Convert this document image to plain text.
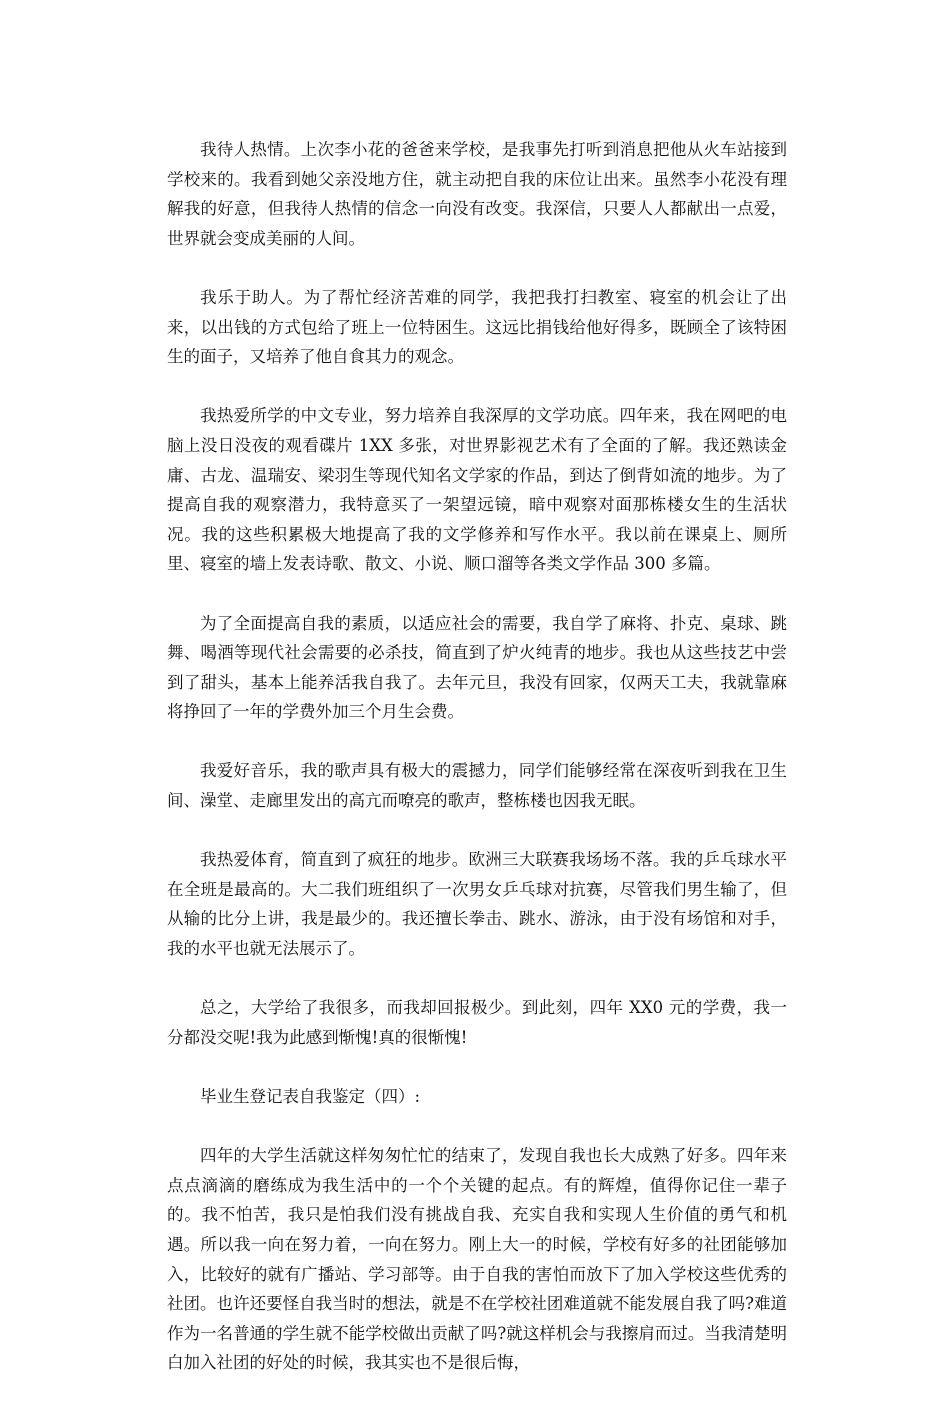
我待人热情。上次李小花的爸爸来学校，是我事先打听到消息把他从火车站接到学校来的。我看到她父亲没地方住，就主动把自我的床位让出来。虽然李小花没有理解我的好意，但我待人热情的信念一向没有改变。我深信，只要人人都献出一点爱，世界就会变成美丽的人间。

我乐于助人。为了帮忙经济苦难的同学，我把我打扫教室、寝室的机会让了出来，以出钱的方式包给了班上一位特困生。这远比捐钱给他好得多，既顾全了该特困生的面子，又培养了他自食其力的观念。

我热爱所学的中文专业，努力培养自我深厚的文学功底。四年来，我在网吧的电脑上没日没夜的观看碟片 1XX 多张，对世界影视艺术有了全面的了解。我还熟读金庸、古龙、温瑞安、梁羽生等现代知名文学家的作品，到达了倒背如流的地步。为了提高自我的观察潜力，我特意买了一架望远镜，暗中观察对面那栋楼女生的生活状况。我的这些积累极大地提高了我的文学修养和写作水平。我以前在课桌上、厕所里、寝室的墙上发表诗歌、散文、小说、顺口溜等各类文学作品 300 多篇。

为了全面提高自我的素质，以适应社会的需要，我自学了麻将、扑克、桌球、跳舞、喝酒等现代社会需要的必杀技，简直到了炉火纯青的地步。我也从这些技艺中尝到了甜头，基本上能养活我自我了。去年元旦，我没有回家，仅两天工夫，我就靠麻将挣回了一年的学费外加三个月生会费。

我爱好音乐，我的歌声具有极大的震撼力，同学们能够经常在深夜听到我在卫生间、澡堂、走廊里发出的高亢而嘹亮的歌声，整栋楼也因我无眠。

我热爱体育，简直到了疯狂的地步。欧洲三大联赛我场场不落。我的乒乓球水平在全班是最高的。大二我们班组织了一次男女乒乓球对抗赛，尽管我们男生输了，但从输的比分上讲，我是最少的。我还擅长拳击、跳水、游泳，由于没有场馆和对手，我的水平也就无法展示了。

总之，大学给了我很多，而我却回报极少。到此刻，四年 XX0 元的学费，我一分都没交呢!我为此感到惭愧!真的很惭愧!

毕业生登记表自我鉴定（四）:

四年的大学生活就这样匆匆忙忙的结束了，发现自我也长大成熟了好多。四年来点点滴滴的磨练成为我生活中的一个个关键的起点。有的辉煌，值得你记住一辈子的。我不怕苦，我只是怕我们没有挑战自我、充实自我和实现人生价值的勇气和机遇。所以我一向在努力着，一向在努力。刚上大一的时候，学校有好多的社团能够加入，比较好的就有广播站、学习部等。由于自我的害怕而放下了加入学校这些优秀的社团。也许还要怪自我当时的想法，就是不在学校社团难道就不能发展自我了吗?难道作为一名普通的学生就不能学校做出贡献了吗?就这样机会与我擦肩而过。当我清楚明白加入社团的好处的时候，我其实也不是很后悔，
